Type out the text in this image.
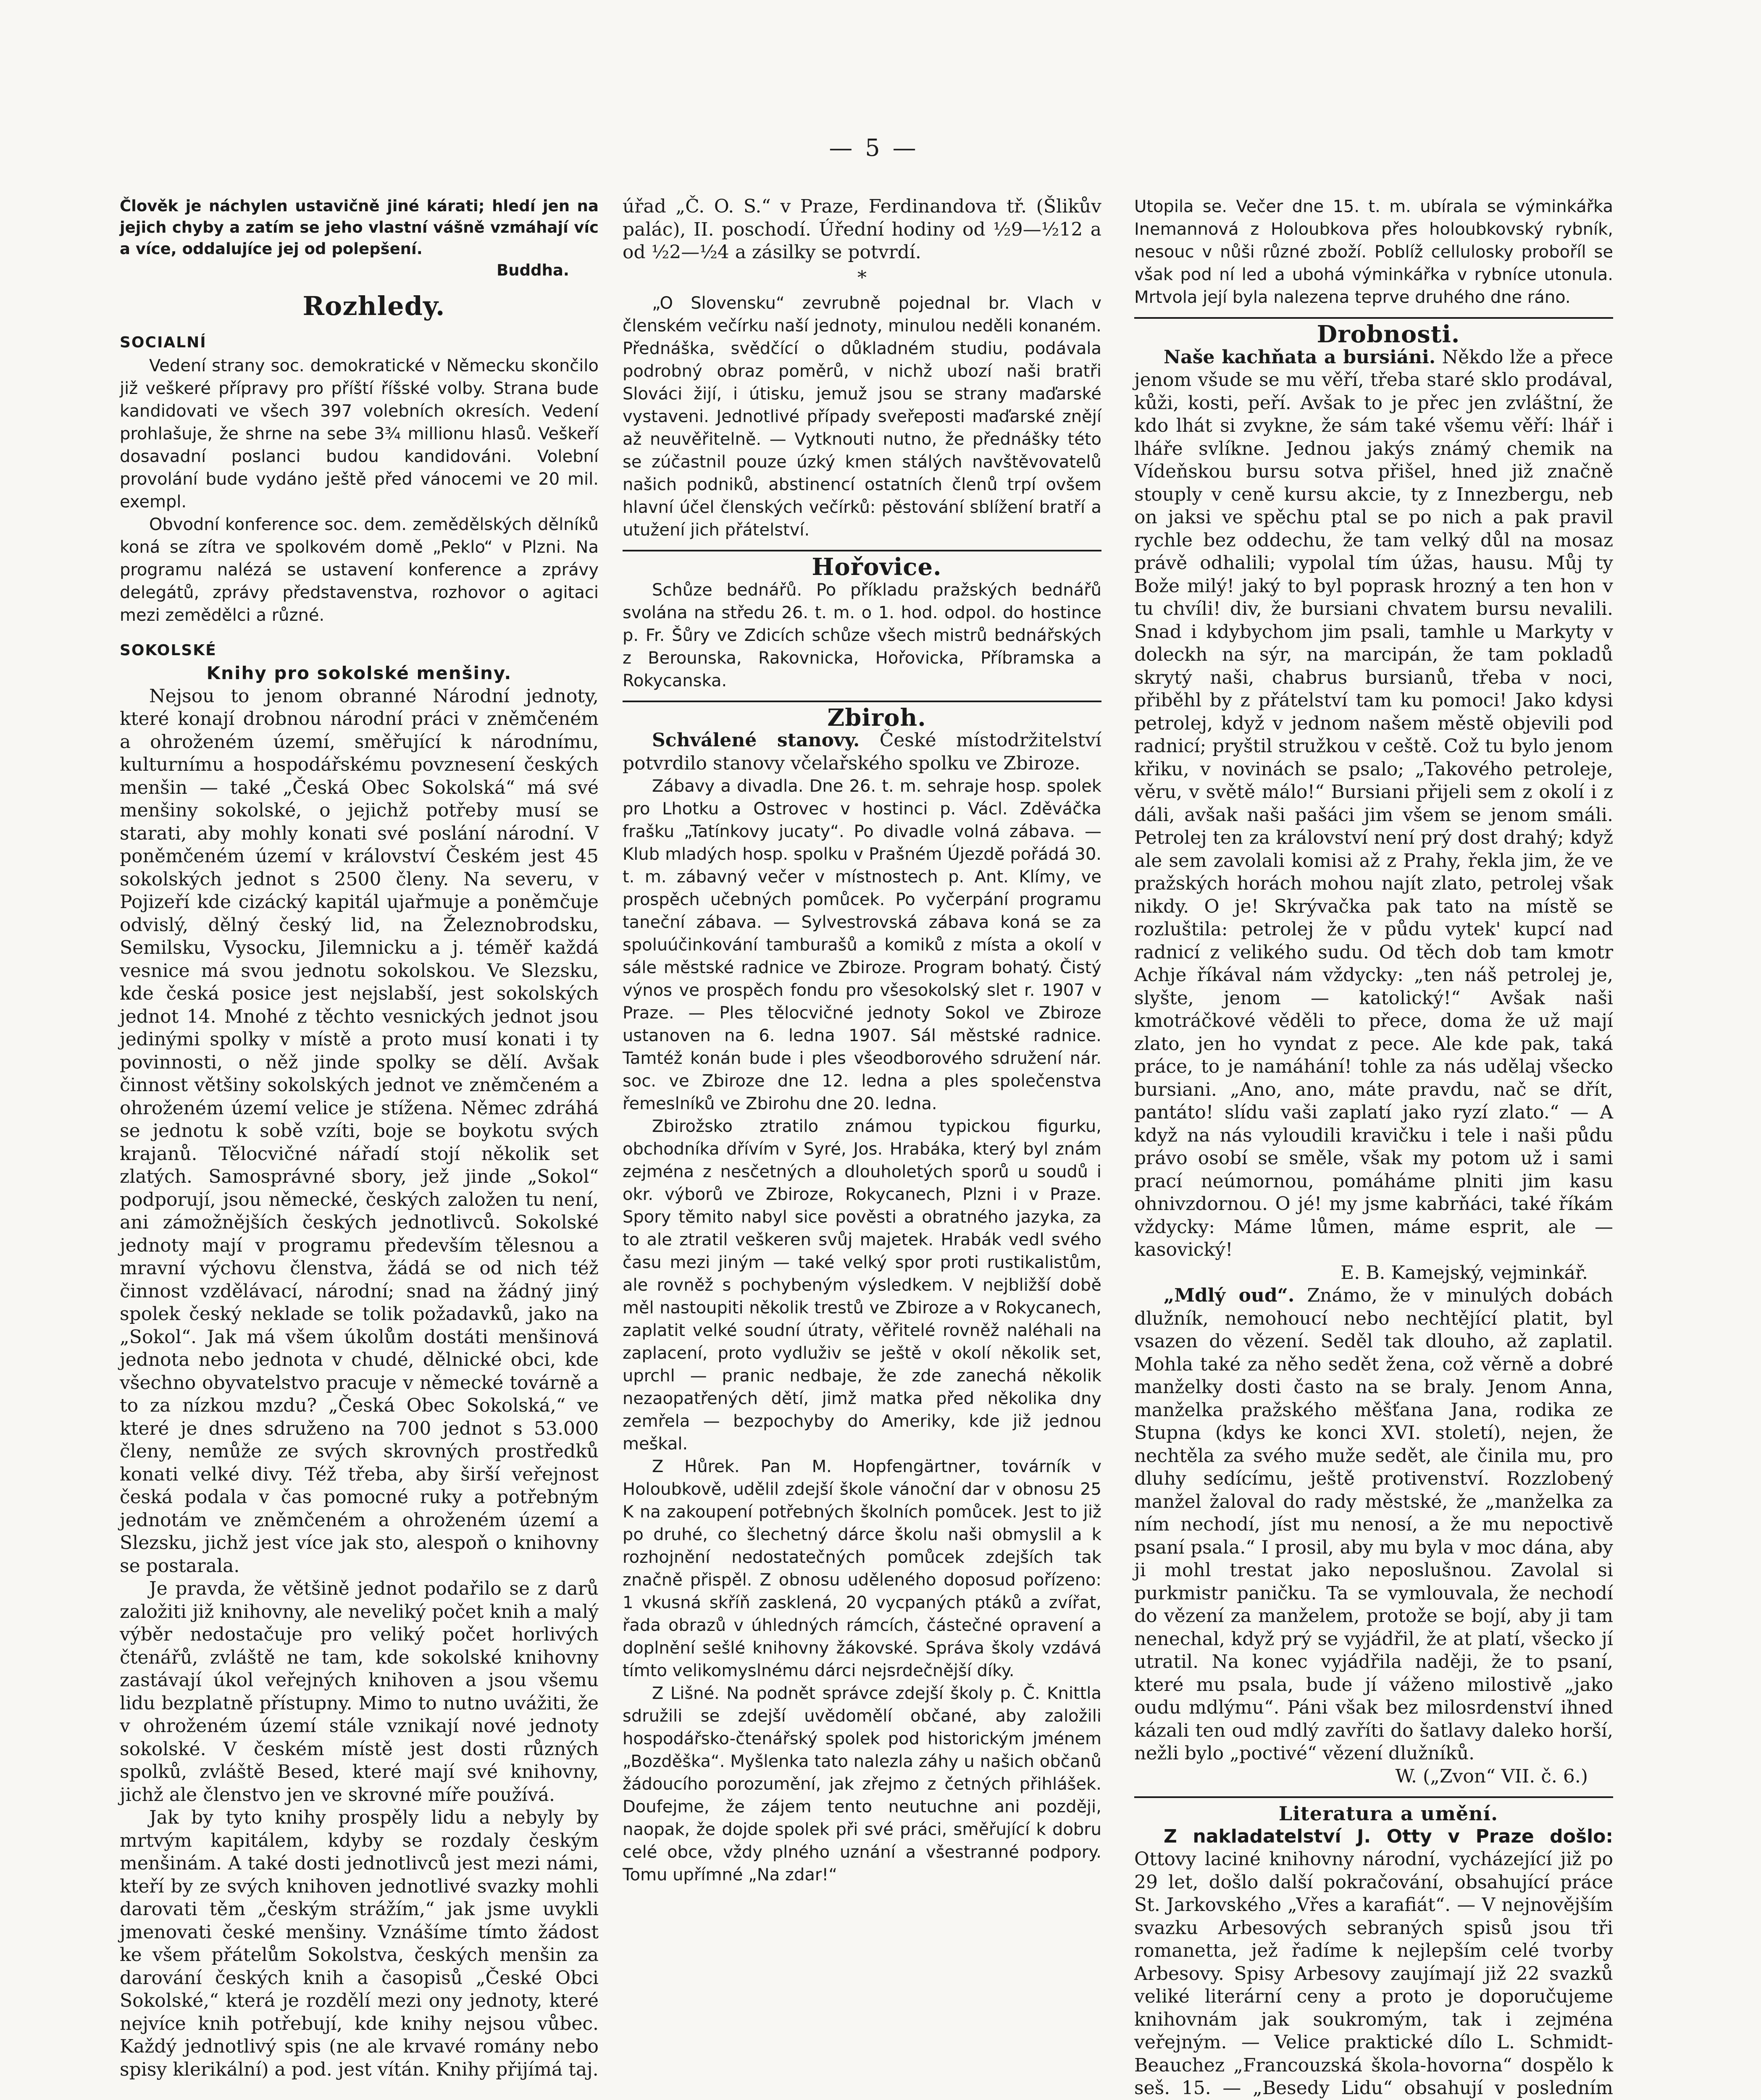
— 5 —

Člověk je náchylen ustavičně jiné kárati; hledí jen na jejich chyby a zatím se jeho vlastní vášně vzmáhají víc a více, oddalujíce jej od polepšení.

Buddha.

Rozhledy.

SOCIALNÍ

Vedení strany soc. demokratické v Německu skončilo již veškeré přípravy pro příští říšské volby. Strana bude kandidovati ve všech 397 volebních okresích. Vedení prohlašuje, že shrne na sebe 3¾ millionu hlasů. Veškeří dosavadní poslanci budou kandidováni. Volební provolání bude vydáno ještě před vánocemi ve 20 mil. exempl.

Obvodní konference soc. dem. zemědělských dělníků koná se zítra ve spolkovém domě „Peklo“ v Plzni. Na programu nalézá se ustavení konference a zprávy delegátů, zprávy představenstva, rozhovor o agitaci mezi zemědělci a různé.

SOKOLSKÉ

Knihy pro sokolské menšiny.

Nejsou to jenom obranné Národní jednoty, které konají drobnou národní práci v zněmčeném a ohroženém území, směřující k národnímu, kulturnímu a hospodářskému povznesení českých menšin — také „Česká Obec Sokolská“ má své menšiny sokolské, o jejichž potřeby musí se starati, aby mohly konati své poslání národní. V poněmčeném území v království Českém jest 45 sokolských jednot s 2500 členy. Na severu, v Pojizeří kde cizácký kapitál ujařmuje a poněmčuje odvislý, dělný český lid, na Železnobrodsku, Semilsku, Vysocku, Jilemnicku a j. téměř každá vesnice má svou jednotu sokolskou. Ve Slezsku, kde česká posice jest nejslabší, jest sokolských jednot 14. Mnohé z těchto vesnických jednot jsou jedinými spolky v místě a proto musí konati i ty povinnosti, o něž jinde spolky se dělí. Avšak činnost většiny sokolských jednot ve zněmčeném a ohroženém území velice je stížena. Němec zdráhá se jednotu k sobě vzíti, boje se boykotu svých krajanů. Tělocvičné nářadí stojí několik set zlatých. Samosprávné sbory, jež jinde „Sokol“ podporují, jsou německé, českých založen tu není, ani zámožnějších českých jednotlivců. Sokolské jednoty mají v programu především tělesnou a mravní výchovu členstva, žádá se od nich též činnost vzdělávací, národní; snad na žádný jiný spolek český neklade se tolik požadavků, jako na „Sokol“. Jak má všem úkolům dostáti menšinová jednota nebo jednota v chudé, dělnické obci, kde všechno obyvatelstvo pracuje v německé továrně a to za nízkou mzdu? „Česká Obec Sokolská,“ ve které je dnes sdruženo na 700 jednot s 53.000 členy, nemůže ze svých skrovných prostředků konati velké divy. Též třeba, aby širší veřejnost česká podala v čas pomocné ruky a potřebným jednotám ve zněmčeném a ohroženém území a Slezsku, jichž jest více jak sto, alespoň o knihovny se postarala.

Je pravda, že většině jednot podařilo se z darů založiti již knihovny, ale neveliký počet knih a malý výběr nedostačuje pro veliký počet horlivých čtenářů, zvláště ne tam, kde sokolské knihovny zastávají úkol veřejných knihoven a jsou všemu lidu bezplatně přístupny. Mimo to nutno uvážiti, že v ohroženém území stále vznikají nové jednoty sokolské. V českém místě jest dosti různých spolků, zvláště Besed, které mají své knihovny, jichž ale členstvo jen ve skrovné míře používá.

Jak by tyto knihy prospěly lidu a nebyly by mrtvým kapitálem, kdyby se rozdaly českým menšinám. A také dosti jednotlivců jest mezi námi, kteří by ze svých knihoven jednotlivé svazky mohli darovati těm „českým strážím,“ jak jsme uvykli jmenovati české menšiny. Vznášíme tímto žádost ke všem přátelům Sokolstva, českých menšin za darování českých knih a časopisů „České Obci Sokolské,“ která je rozdělí mezi ony jednoty, které nejvíce knih potřebují, kde knihy nejsou vůbec. Každý jednotlivý spis (ne ale krvavé romány nebo spisy klerikální) a pod. jest vítán. Knihy přijímá taj.

úřad „Č. O. S.“ v Praze, Ferdinandova tř. (Šlikův palác), II. poschodí. Úřední hodiny od ½9—½12 a od ½2—½4 a zásilky se potvrdí.

*

„O Slovensku“ zevrubně pojednal br. Vlach v členském večírku naší jednoty, minulou neděli konaném. Přednáška, svědčící o důkladném studiu, podávala podrobný obraz poměrů, v nichž ubozí naši bratři Slováci žijí, i útisku, jemuž jsou se strany maďarské vystaveni. Jednotlivé případy sveřeposti maďarské znějí až neuvěřitelně. — Vytknouti nutno, že přednášky této se zúčastnil pouze úzký kmen stálých navštěvovatelů našich podniků, abstinencí ostatních členů trpí ovšem hlavní účel členských večírků: pěstování sblížení bratří a utužení jich přátelství.

Hořovice.

Schůze bednářů. Po příkladu pražských bednářů svolána na středu 26. t. m. o 1. hod. odpol. do hostince p. Fr. Šůry ve Zdicích schůze všech mistrů bednářských z Berounska, Rakovnicka, Hořovicka, Příbramska a Rokycanska.

Zbiroh.

Schválené stanovy. České místodržitelství potvrdilo stanovy včelařského spolku ve Zbiroze.

Zábavy a divadla. Dne 26. t. m. sehraje hosp. spolek pro Lhotku a Ostrovec v hostinci p. Václ. Zděváčka frašku „Tatínkovy jucaty“. Po divadle volná zábava. — Klub mladých hosp. spolku v Prašném Újezdě pořádá 30. t. m. zábavný večer v místnostech p. Ant. Klímy, ve prospěch učebných pomůcek. Po vyčerpání programu taneční zábava. — Sylvestrovská zábava koná se za spoluúčinkování tamburašů a komiků z místa a okolí v sále městské radnice ve Zbiroze. Program bohatý. Čistý výnos ve prospěch fondu pro všesokolský slet r. 1907 v Praze. — Ples tělocvičné jednoty Sokol ve Zbiroze ustanoven na 6. ledna 1907. Sál městské radnice. Tamtéž konán bude i ples všeodborového sdružení nár. soc. ve Zbiroze dne 12. ledna a ples společenstva řemeslníků ve Zbirohu dne 20. ledna.

Zbirožsko ztratilo známou typickou figurku, obchodníka dřívím v Syré, Jos. Hrabáka, který byl znám zejména z nesčetných a dlouholetých sporů u soudů i okr. výborů ve Zbiroze, Rokycanech, Plzni i v Praze. Spory těmito nabyl sice pověsti a obratného jazyka, za to ale ztratil veškeren svůj majetek. Hrabák vedl svého času mezi jiným — také velký spor proti rustikalistům, ale rovněž s pochybeným výsledkem. V nejbližší době měl nastoupiti několik trestů ve Zbiroze a v Rokycanech, zaplatit velké soudní útraty, věřitelé rovněž naléhali na zaplacení, proto vydluživ se ještě v okolí několik set, uprchl — pranic nedbaje, že zde zanechá několik nezaopatřených dětí, jimž matka před několika dny zemřela — bezpochyby do Ameriky, kde již jednou meškal.

Z Hůrek. Pan M. Hopfengärtner, továrník v Holoubkově, udělil zdejší škole vánoční dar v obnosu 25 K na zakoupení potřebných školních pomůcek. Jest to již po druhé, co šlechetný dárce školu naši obmyslil a k rozhojnění nedostatečných pomůcek zdejších tak značně přispěl. Z obnosu uděleného doposud pořízeno: 1 vkusná skříň zasklená, 20 vycpaných ptáků a zvířat, řada obrazů v úhledných rámcích, částečné opravení a doplnění sešlé knihovny žákovské. Správa školy vzdává tímto velikomyslnému dárci nejsrdečnější díky.

Z Lišné. Na podnět správce zdejší školy p. Č. Knittla sdružili se zdejší uvědomělí občané, aby založili hospodářsko-čtenářský spolek pod historickým jménem „Bozděška“. Myšlenka tato nalezla záhy u našich občanů žádoucího porozumění, jak zřejmo z četných přihlášek. Doufejme, že zájem tento neutuchne ani později, naopak, že dojde spolek při své práci, směřující k dobru celé obce, vždy plného uznání a všestranné podpory. Tomu upřímné „Na zdar!“

Utopila se. Večer dne 15. t. m. ubírala se výminkářka Inemannová z Holoubkova přes holoubkovský rybník, nesouc v nůši různé zboží. Poblíž cellulosky proboříl se však pod ní led a ubohá výminkářka v rybníce utonula. Mrtvola její byla nalezena teprve druhého dne ráno.

Drobnosti.

Naše kachňata a bursiáni. Někdo lže a přece jenom všude se mu věří, třeba staré sklo prodával, kůži, kosti, peří. Avšak to je přec jen zvláštní, že kdo lhát si zvykne, že sám také všemu věří: lhář i lháře svlíkne. Jednou jakýs známý chemik na Vídeňskou bursu sotva přišel, hned již značně stouply v ceně kursu akcie, ty z Innezbergu, neb on jaksi ve spěchu ptal se po nich a pak pravil rychle bez oddechu, že tam velký důl na mosaz právě odhalili; vypolal tím úžas, hausu. Můj ty Bože milý! jaký to byl poprask hrozný a ten hon v tu chvíli! div, že bursiani chvatem bursu nevalili. Snad i kdybychom jim psali, tamhle u Markyty v doleckh na sýr, na marcipán, že tam pokladů skrytý naši, chabrus bursianů, třeba v noci, přiběhl by z přátelství tam ku pomoci! Jako kdysi petrolej, když v jednom našem městě objevili pod radnicí; pryštil stružkou v ceště. Což tu bylo jenom křiku, v novinách se psalo; „Takového petroleje, věru, v světě málo!“ Bursiani přijeli sem z okolí i z dáli, avšak naši pašáci jim všem se jenom smáli. Petrolej ten za království není prý dost drahý; když ale sem zavolali komisi až z Prahy, řekla jim, že ve pražských horách mohou najít zlato, petrolej však nikdy. O je! Skrývačka pak tato na místě se rozluštila: petrolej že v půdu vytek' kupcí nad radnicí z velikého sudu. Od těch dob tam kmotr Achje říkával nám vždycky: „ten náš petrolej je, slyšte, jenom — katolický!“ Avšak naši kmotráčkové věděli to přece, doma že už mají zlato, jen ho vyndat z pece. Ale kde pak, taká práce, to je namáhání! tohle za nás udělaj všecko bursiani. „Ano, ano, máte pravdu, nač se dřít, pantáto! slídu vaši zaplatí jako ryzí zlato.“ — A když na nás vyloudili kravičku i tele i naši půdu právo osobí se směle, však my potom už i sami prací neúmornou, pomáháme plniti jim kasu ohnivzdornou. O jé! my jsme kabrňáci, také říkám vždycky: Máme lůmen, máme esprit, ale — kasovický!

E. B. Kamejský, vejminkář.

„Mdlý oud“. Známo, že v minulých dobách dlužník, nemohoucí nebo nechtějící platit, byl vsazen do vězení. Seděl tak dlouho, až zaplatil. Mohla také za něho sedět žena, což věrně a dobré manželky dosti často na se braly. Jenom Anna, manželka pražského měšťana Jana, rodika ze Stupna (kdys ke konci XVI. století), nejen, že nechtěla za svého muže sedět, ale činila mu, pro dluhy sedícímu, ještě protivenství. Rozzlobený manžel žaloval do rady městské, že „manželka za ním nechodí, jíst mu nenosí, a že mu nepoctivě psaní psala.“ I prosil, aby mu byla v moc dána, aby ji mohl trestat jako neposlušnou. Zavolal si purkmistr paničku. Ta se vymlouvala, že nechodí do vězení za manželem, protože se bojí, aby ji tam nenechal, když prý se vyjádřil, že at platí, všecko jí utratil. Na konec vyjádřila naději, že to psaní, které mu psala, bude jí váženo milostivě „jako oudu mdlýmu“. Páni však bez milosrdenství ihned kázali ten oud mdlý zavříti do šatlavy daleko horší, nežli bylo „poctivé“ vězení dlužníků.

W. („Zvon“ VII. č. 6.)

Literatura a umění.

Z nakladatelství J. Otty v Praze došlo: Ottovy laciné knihovny národní, vycházející již po 29 let, došlo další pokračování, obsahující práce St. Jarkovského „Vřes a karafiát“. — V nejnovějším svazku Arbesových sebraných spisů jsou tři romanetta, jež řadíme k nejlepším celé tvorby Arbesovy. Spisy Arbesovy zaujímají již 22 svazků veliké literární ceny a proto je doporučujeme knihovnám jak soukromým, tak i zejména veřejným. — Velice praktické dílo L. Schmidt-Beauchez „Francouzská škola-hovorna“ dospělo k seš. 15. — „Besedy Lidu“ obsahují v posledním
